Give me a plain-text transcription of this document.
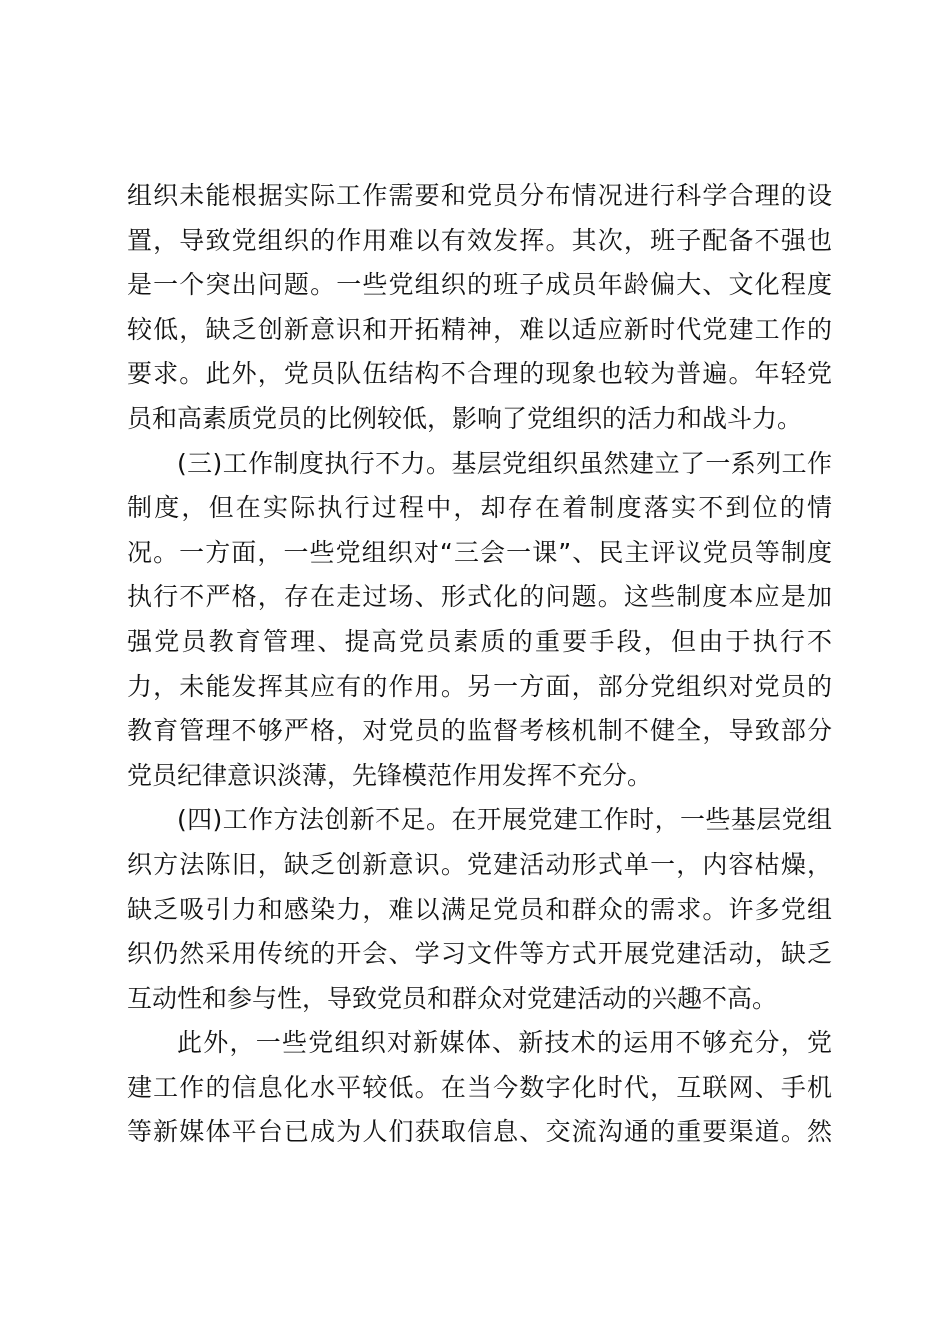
组织未能根据实际工作需要和党员分布情况进行科学合理的设
置，导致党组织的作用难以有效发挥。其次，班子配备不强也
是一个突出问题。一些党组织的班子成员年龄偏大、文化程度
较低，缺乏创新意识和开拓精神，难以适应新时代党建工作的
要求。此外，党员队伍结构不合理的现象也较为普遍。年轻党
员和高素质党员的比例较低，影响了党组织的活力和战斗力。
(三)工作制度执行不力。基层党组织虽然建立了一系列工作
制度，但在实际执行过程中，却存在着制度落实不到位的情
况。一方面，一些党组织对“三会一课”、民主评议党员等制度
执行不严格，存在走过场、形式化的问题。这些制度本应是加
强党员教育管理、提高党员素质的重要手段，但由于执行不
力，未能发挥其应有的作用。另一方面，部分党组织对党员的
教育管理不够严格，对党员的监督考核机制不健全，导致部分
党员纪律意识淡薄，先锋模范作用发挥不充分。
(四)工作方法创新不足。在开展党建工作时，一些基层党组
织方法陈旧，缺乏创新意识。党建活动形式单一，内容枯燥，
缺乏吸引力和感染力，难以满足党员和群众的需求。许多党组
织仍然采用传统的开会、学习文件等方式开展党建活动，缺乏
互动性和参与性，导致党员和群众对党建活动的兴趣不高。
此外，一些党组织对新媒体、新技术的运用不够充分，党
建工作的信息化水平较低。在当今数字化时代，互联网、手机
等新媒体平台已成为人们获取信息、交流沟通的重要渠道。然
